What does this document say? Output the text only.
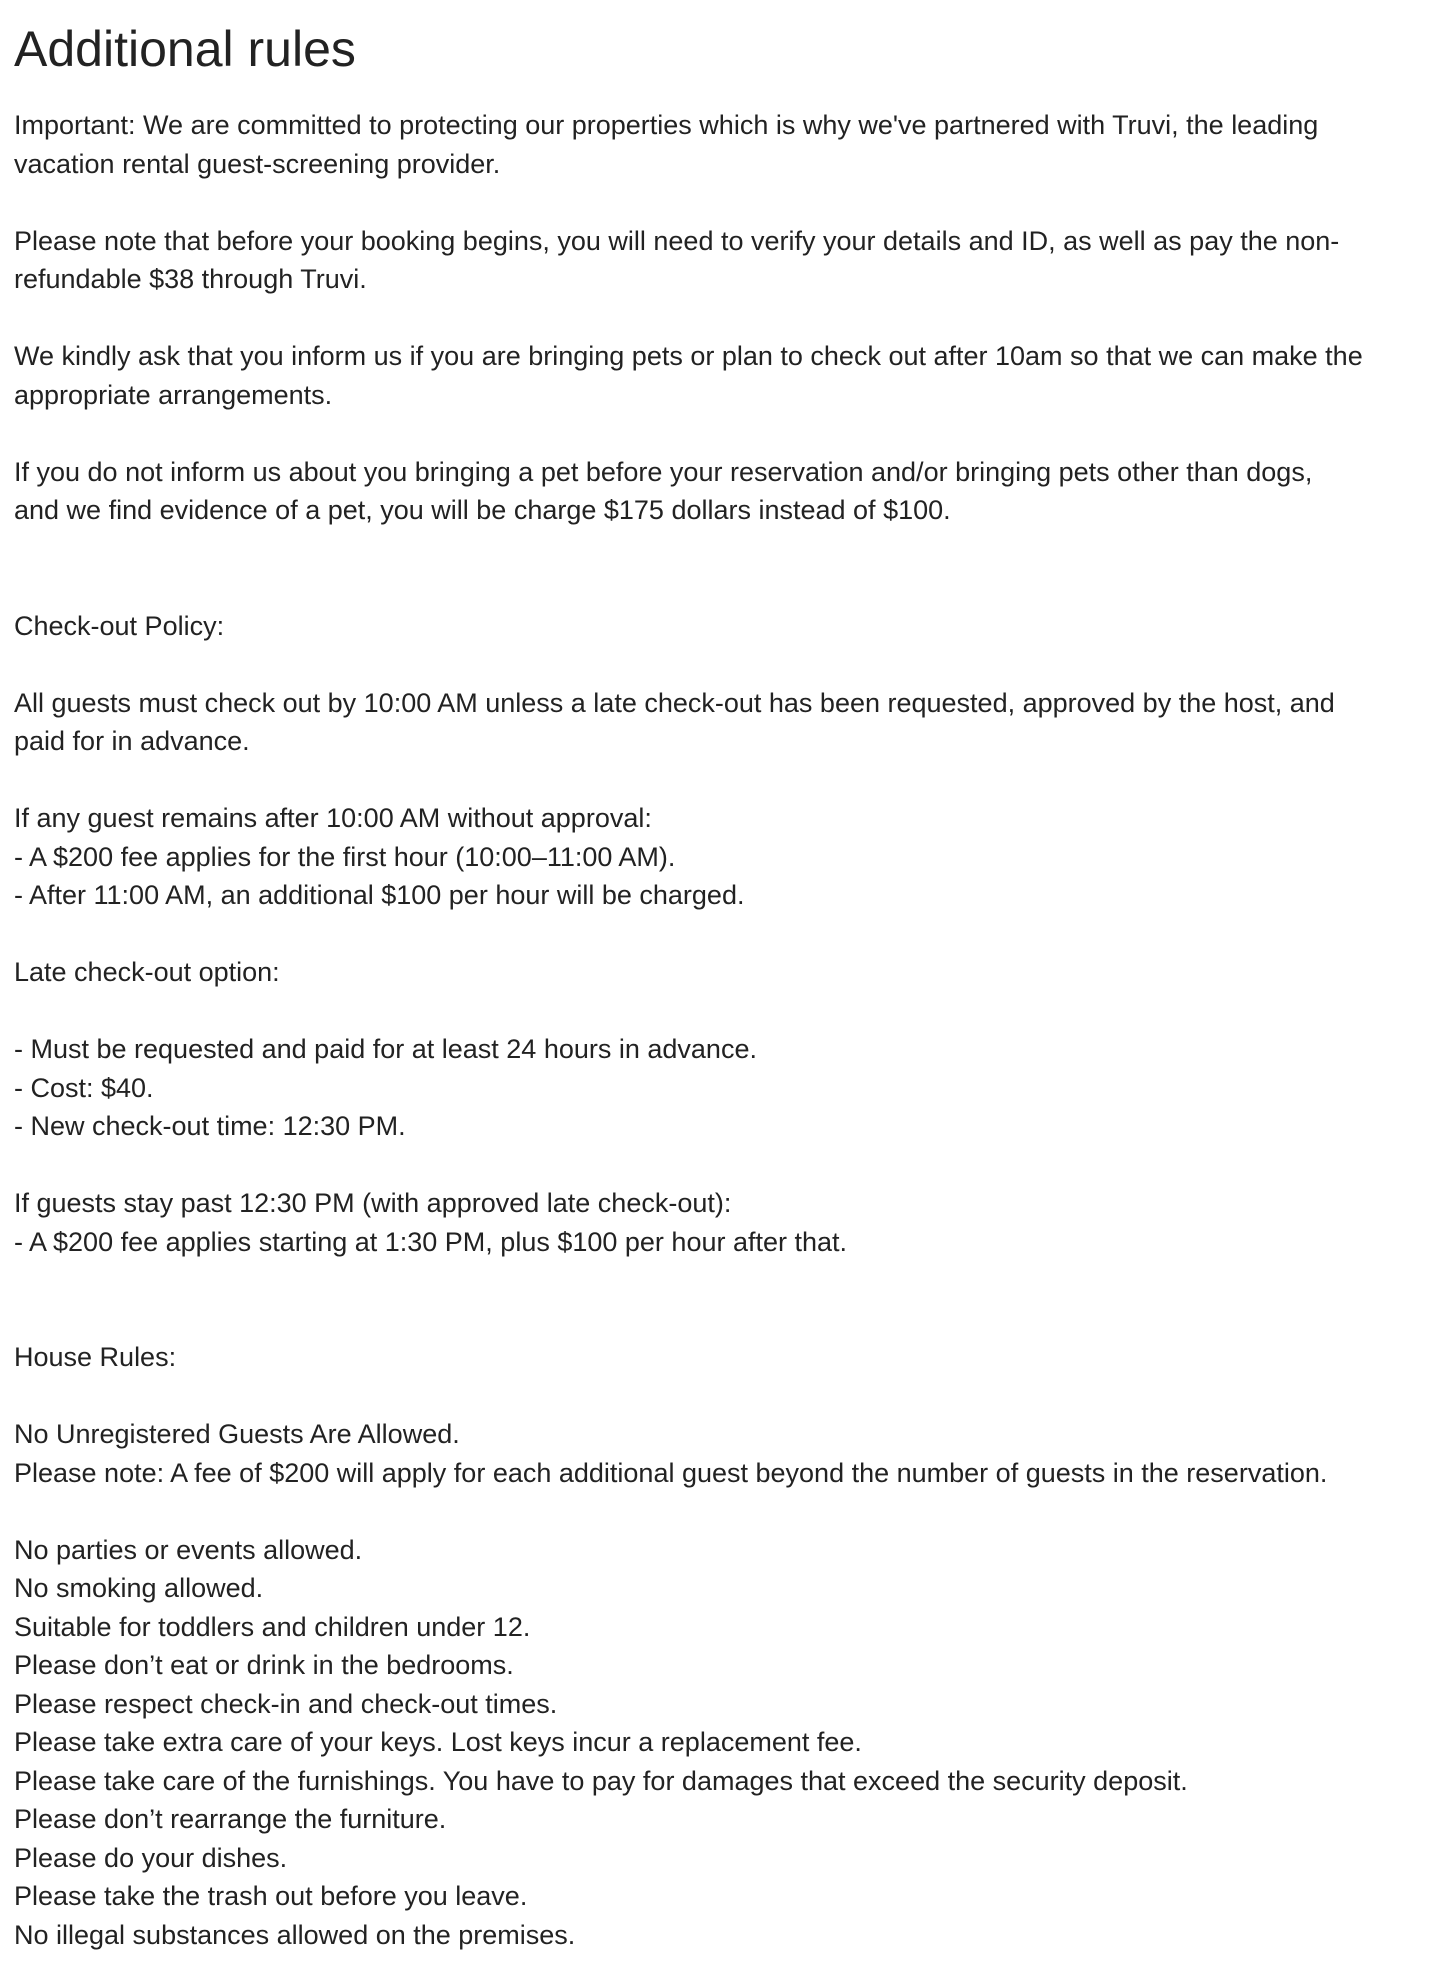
Additional rules
Important: We are committed to protecting our properties which is why we've partnered with Truvi, the leading
vacation rental guest-screening provider.
Please note that before your booking begins, you will need to verify your details and ID, as well as pay the non-
refundable $38 through Truvi.
We kindly ask that you inform us if you are bringing pets or plan to check out after 10am so that we can make the
appropriate arrangements.
If you do not inform us about you bringing a pet before your reservation and/or bringing pets other than dogs,
and we find evidence of a pet, you will be charge $175 dollars instead of $100.
Check-out Policy:
All guests must check out by 10:00 AM unless a late check-out has been requested, approved by the host, and
paid for in advance.
If any guest remains after 10:00 AM without approval:
- A $200 fee applies for the first hour (10:00–11:00 AM).
- After 11:00 AM, an additional $100 per hour will be charged.
Late check-out option:
- Must be requested and paid for at least 24 hours in advance.
- Cost: $40.
- New check-out time: 12:30 PM.
If guests stay past 12:30 PM (with approved late check-out):
- A $200 fee applies starting at 1:30 PM, plus $100 per hour after that.
House Rules:
No Unregistered Guests Are Allowed.
Please note: A fee of $200 will apply for each additional guest beyond the number of guests in the reservation.
No parties or events allowed.
No smoking allowed.
Suitable for toddlers and children under 12.
Please don’t eat or drink in the bedrooms.
Please respect check-in and check-out times.
Please take extra care of your keys. Lost keys incur a replacement fee.
Please take care of the furnishings. You have to pay for damages that exceed the security deposit.
Please don’t rearrange the furniture.
Please do your dishes.
Please take the trash out before you leave.
No illegal substances allowed on the premises.
